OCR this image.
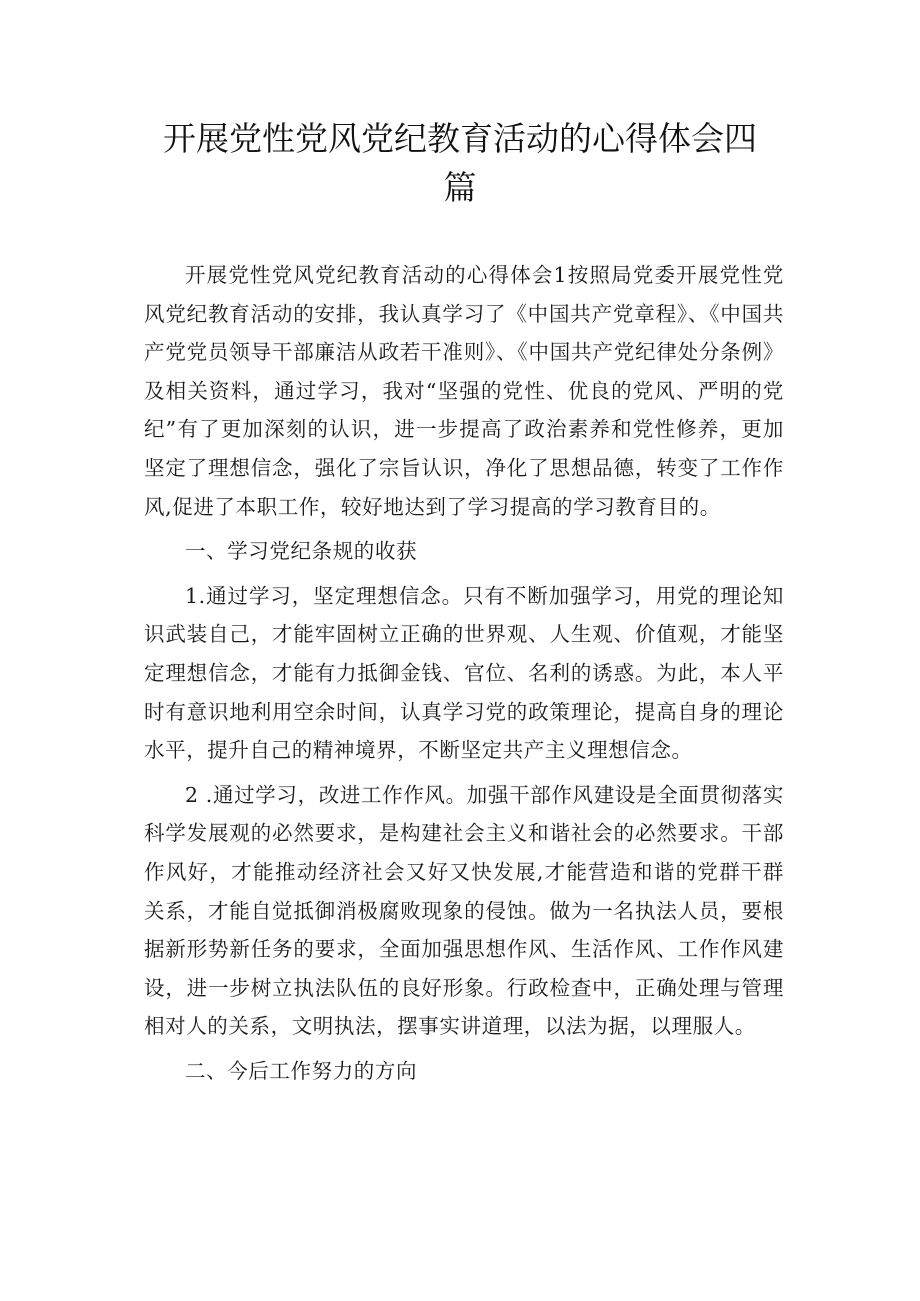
开展党性党风党纪教育活动的心得体会四篇

开展党性党风党纪教育活动的心得体会1按照局党委开展党性党风党纪教育活动的安排，我认真学习了《中国共产党章程》、《中国共产党党员领导干部廉洁从政若干准则》、《中国共产党纪律处分条例》及相关资料，通过学习，我对“坚强的党性、优良的党风、严明的党纪”有了更加深刻的认识，进一步提高了政治素养和党性修养，更加坚定了理想信念，强化了宗旨认识，净化了思想品德，转变了工作作风,促进了本职工作，较好地达到了学习提高的学习教育目的。

一、学习党纪条规的收获

1.通过学习，坚定理想信念。只有不断加强学习，用党的理论知识武装自己，才能牢固树立正确的世界观、人生观、价值观，才能坚定理想信念，才能有力抵御金钱、官位、名利的诱惑。为此，本人平时有意识地利用空余时间，认真学习党的政策理论，提高自身的理论水平，提升自己的精神境界，不断坚定共产主义理想信念。

2 .通过学习，改进工作作风。加强干部作风建设是全面贯彻落实科学发展观的必然要求，是构建社会主义和谐社会的必然要求。干部作风好，才能推动经济社会又好又快发展,才能营造和谐的党群干群关系，才能自觉抵御消极腐败现象的侵蚀。做为一名执法人员，要根据新形势新任务的要求，全面加强思想作风、生活作风、工作作风建设，进一步树立执法队伍的良好形象。行政检查中，正确处理与管理相对人的关系，文明执法，摆事实讲道理，以法为据，以理服人。

二、今后工作努力的方向
